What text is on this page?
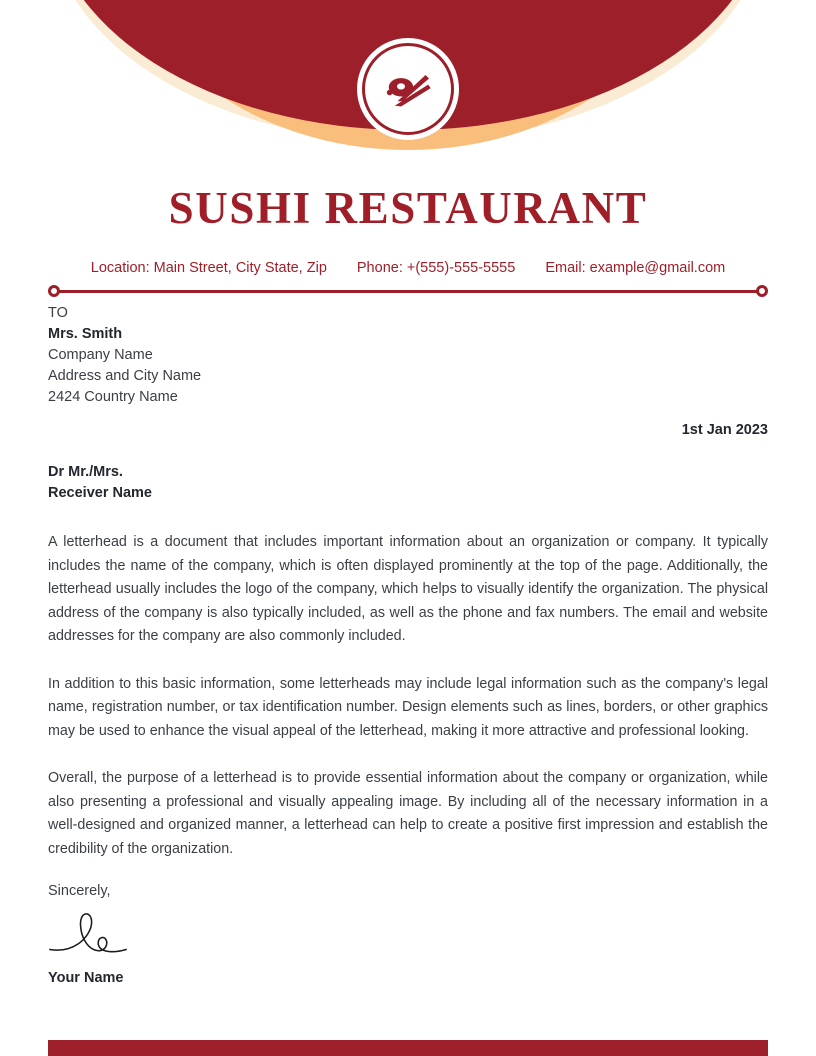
SUSHI RESTAURANT
Location: Main Street, City State, Zip Phone: +(555)-555-5555 Email: example@gmail.com
TO
Mrs. Smith
Company Name
Address and City Name
2424 Country Name
1st Jan 2023
Dr Mr./Mrs.
Receiver Name

A letterhead is a document that includes important information about an organization or company. It typically includes the name of the company, which is often displayed prominently at the top of the page. Additionally, the letterhead usually includes the logo of the company, which helps to visually identify the organization. The physical address of the company is also typically included, as well as the phone and fax numbers. The email and website addresses for the company are also commonly included.

In addition to this basic information, some letterheads may include legal information such as the company's legal name, registration number, or tax identification number. Design elements such as lines, borders, or other graphics may be used to enhance the visual appeal of the letterhead, making it more attractive and professional looking.

Overall, the purpose of a letterhead is to provide essential information about the company or organization, while also presenting a professional and visually appealing image. By including all of the necessary information in a well-designed and organized manner, a letterhead can help to create a positive first impression and establish the credibility of the organization.

Sincerely,
Your Name
